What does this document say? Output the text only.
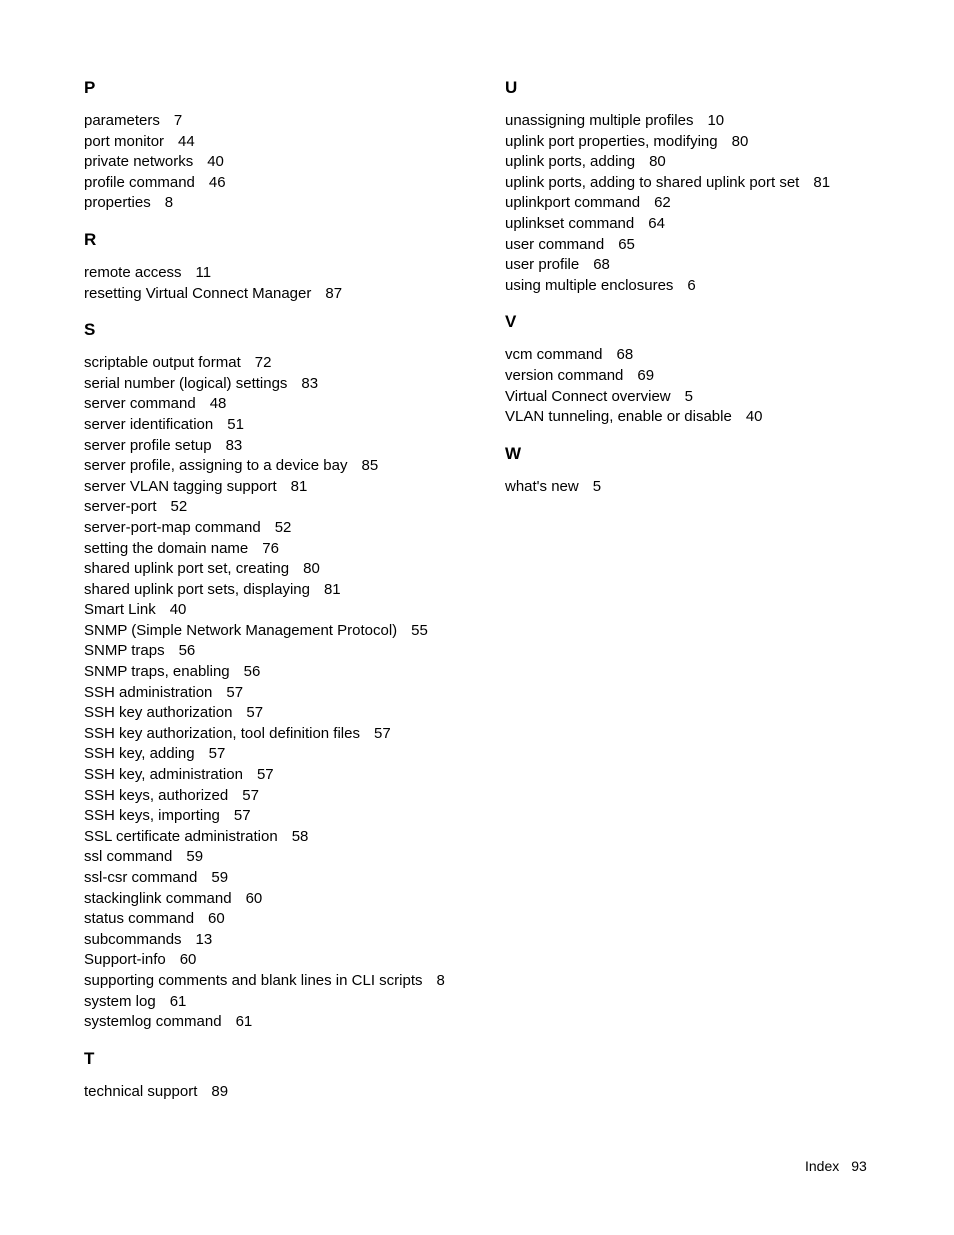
P
parameters 7
port monitor 44
private networks 40
profile command 46
properties 8
R
remote access 11
resetting Virtual Connect Manager 87
S
scriptable output format 72
serial number (logical) settings 83
server command 48
server identification 51
server profile setup 83
server profile, assigning to a device bay 85
server VLAN tagging support 81
server-port 52
server-port-map command 52
setting the domain name 76
shared uplink port set, creating 80
shared uplink port sets, displaying 81
Smart Link 40
SNMP (Simple Network Management Protocol) 55
SNMP traps 56
SNMP traps, enabling 56
SSH administration 57
SSH key authorization 57
SSH key authorization, tool definition files 57
SSH key, adding 57
SSH key, administration 57
SSH keys, authorized 57
SSH keys, importing 57
SSL certificate administration 58
ssl command 59
ssl-csr command 59
stackinglink command 60
status command 60
subcommands 13
Support-info 60
supporting comments and blank lines in CLI scripts 8
system log 61
systemlog command 61
T
technical support 89
U
unassigning multiple profiles 10
uplink port properties, modifying 80
uplink ports, adding 80
uplink ports, adding to shared uplink port set 81
uplinkport command 62
uplinkset command 64
user command 65
user profile 68
using multiple enclosures 6
V
vcm command 68
version command 69
Virtual Connect overview 5
VLAN tunneling, enable or disable 40
W
what's new 5
Index 93
